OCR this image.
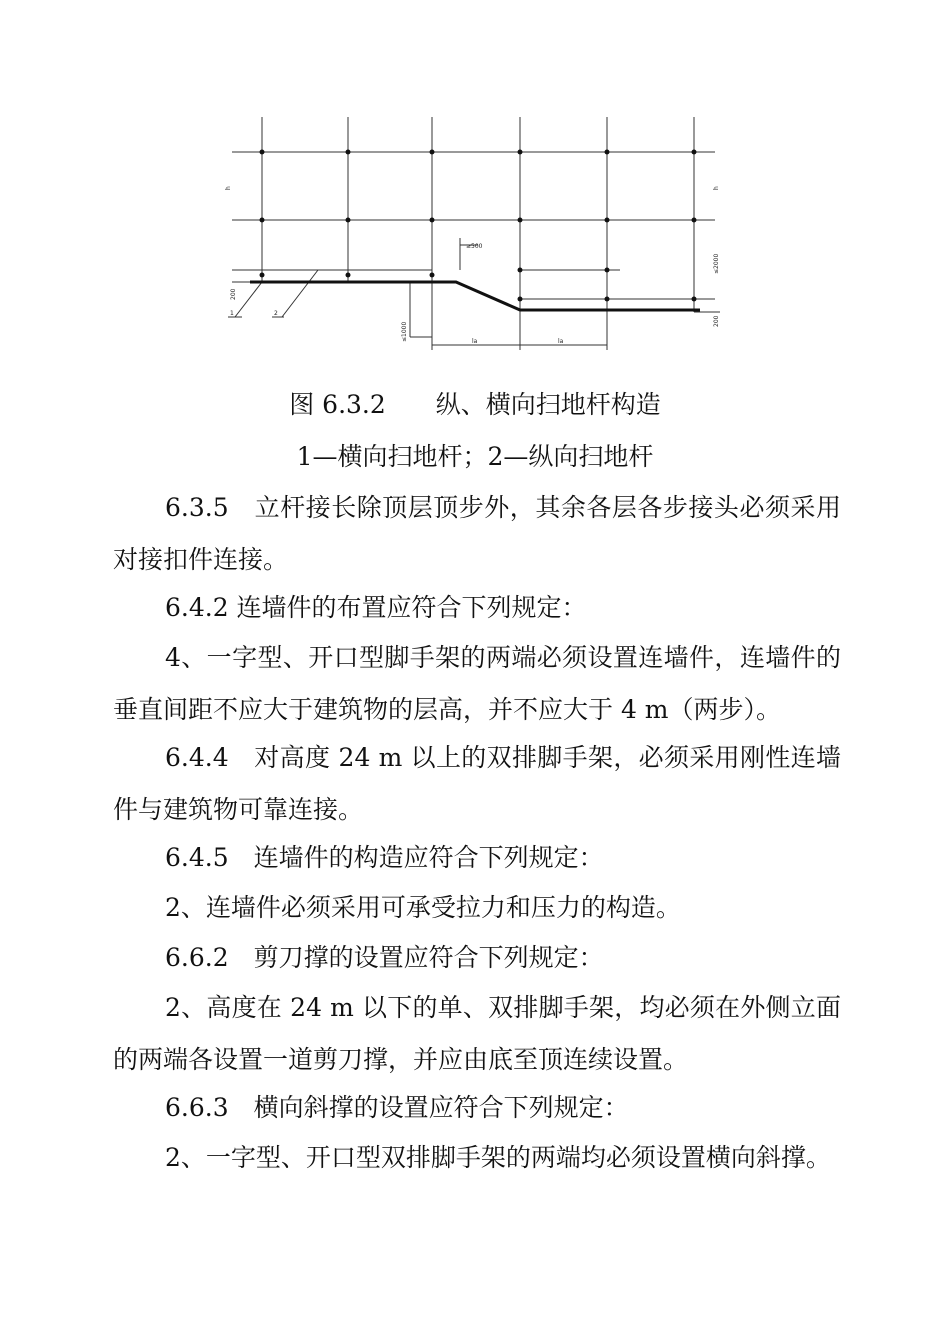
h	h
≥500
≤2000
≤1000
200
200
la	la
1	2
图 6.3.2　　纵、横向扫地杆构造
1—横向扫地杆；2—纵向扫地杆
6.3.5　立杆接长除顶层顶步外，其余各层各步接头必须采用对接扣件连接。
6.4.2 连墙件的布置应符合下列规定：
4、一字型、开口型脚手架的两端必须设置连墙件，连墙件的垂直间距不应大于建筑物的层高，并不应大于 4 m（两步）。
6.4.4　对高度 24 m 以上的双排脚手架，必须采用刚性连墙件与建筑物可靠连接。
6.4.5　连墙件的构造应符合下列规定：
2、连墙件必须采用可承受拉力和压力的构造。
6.6.2　剪刀撑的设置应符合下列规定：
2、高度在 24 m 以下的单、双排脚手架，均必须在外侧立面的两端各设置一道剪刀撑，并应由底至顶连续设置。
6.6.3　横向斜撑的设置应符合下列规定：
2、一字型、开口型双排脚手架的两端均必须设置横向斜撑。
